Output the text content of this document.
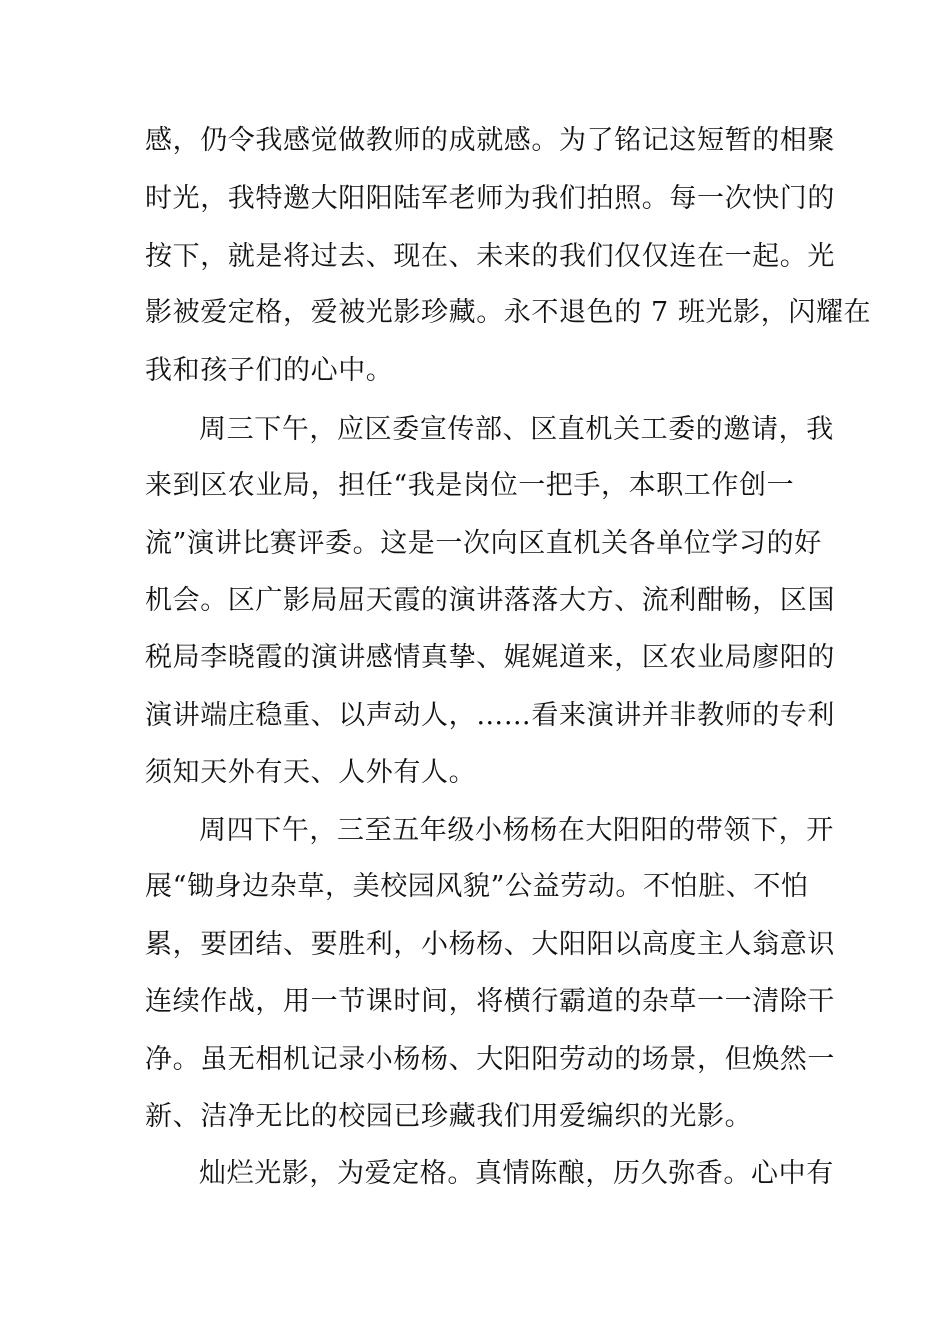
感，仍令我感觉做教师的成就感。为了铭记这短暂的相聚
时光，我特邀大阳阳陆军老师为我们拍照。每一次快门的
按下，就是将过去、现在、未来的我们仅仅连在一起。光
影被爱定格，爱被光影珍藏。永不退色的 7 班光影，闪耀在
我和孩子们的心中。
周三下午，应区委宣传部、区直机关工委的邀请，我
来到区农业局，担任“我是岗位一把手，本职工作创一
流”演讲比赛评委。这是一次向区直机关各单位学习的好
机会。区广影局屈天霞的演讲落落大方、流利酣畅，区国
税局李晓霞的演讲感情真挚、娓娓道来，区农业局廖阳的
演讲端庄稳重、以声动人，……看来演讲并非教师的专利
须知天外有天、人外有人。
周四下午，三至五年级小杨杨在大阳阳的带领下，开
展“锄身边杂草，美校园风貌”公益劳动。不怕脏、不怕
累，要团结、要胜利，小杨杨、大阳阳以高度主人翁意识
连续作战，用一节课时间，将横行霸道的杂草一一清除干
净。虽无相机记录小杨杨、大阳阳劳动的场景，但焕然一
新、洁净无比的校园已珍藏我们用爱编织的光影。
灿烂光影，为爱定格。真情陈酿，历久弥香。心中有
